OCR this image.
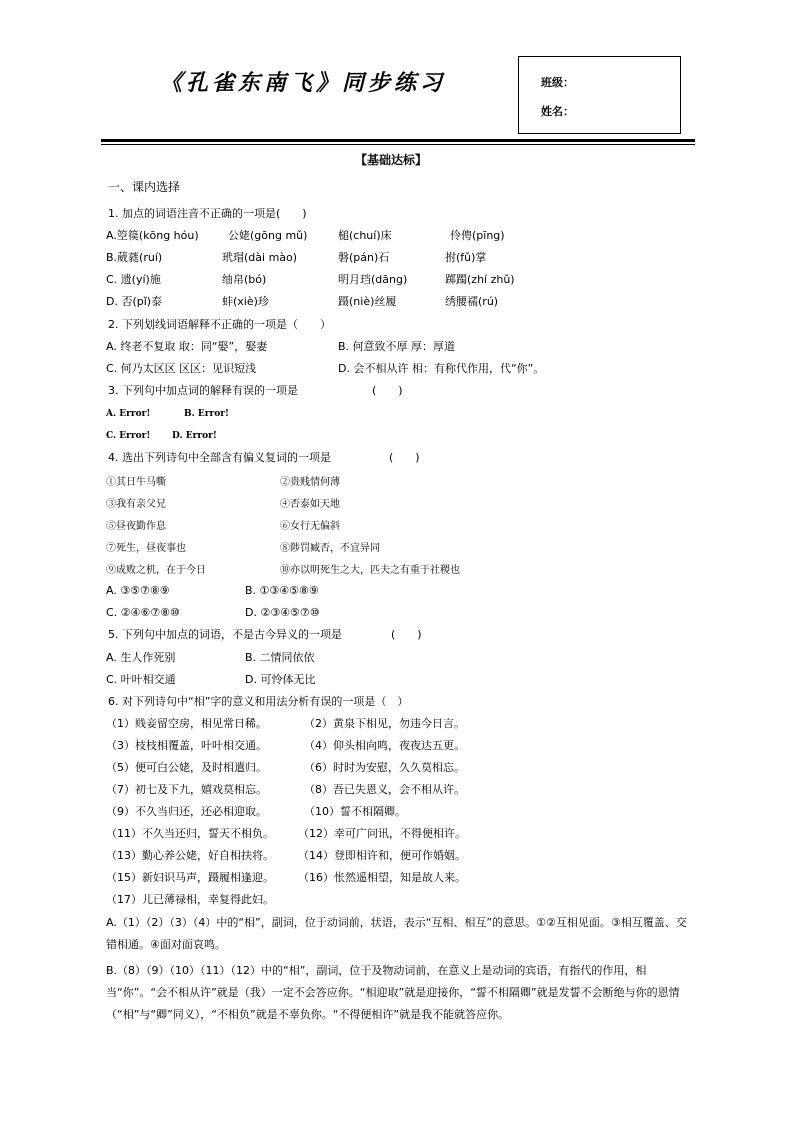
《孔雀东南飞》同步练习	班级：
姓名：
【基础达标】
一、课内选择
1. 加点的词语注音不正确的一项是(　　)
A.箜篌(kōng hóu)	公姥(gōng mǔ)	槌(chuí)床	伶俜(pīng)
B.葳蕤(ruí)	玳瑁(dài mào)	磐(pán)石	拊(fǔ)掌
C. 遗(yí)施	䌷帛(bó)	明月珰(dāng)	踯躅(zhí zhǔ)
D. 否(pǐ)泰	蚌(xiè)珍	蹑(niè)丝履	绣腰襦(rú)
2. 下列划线词语解释不正确的一项是（　　）
A. 终老不复取 取：同“娶”，娶妻	B. 何意致不厚 厚：厚道
C. 何乃太区区 区区：见识短浅	D. 会不相从许 相：有称代作用，代“你”。
3. 下列句中加点词的解释有误的一项是	(　　)
A. Error!	B. Error!
C. Error! D. Error!
4. 选出下列诗句中全部含有偏义复词的一项是	(　　)
①其日牛马嘶	②贵贱情何薄
③我有亲父兄	④否泰如天地
⑤昼夜勤作息	⑥女行无偏斜
⑦死生，昼夜事也	⑧陟罚臧否，不宜异同
⑨成败之机，在于今日	⑩亦以明死生之大，匹夫之有重于社稷也
A. ③⑤⑦⑧⑨	B. ①③④⑤⑧⑨
C. ②④⑥⑦⑧⑩	D. ②③④⑤⑦⑩
5. 下列句中加点的词语，不是古今异义的一项是	(　　)
A. 生人作死别	B. 二情同依依
C. 叶叶相交通	D. 可怜体无比
6. 对下列诗句中“相”字的意义和用法分析有误的一项是（　）
（1）贱妾留空房，相见常日稀。	（2）黄泉下相见，勿违今日言。
（3）枝枝相覆盖，叶叶相交通。	（4）仰头相向鸣，夜夜达五更。
（5）便可白公姥，及时相遣归。	（6）时时为安慰，久久莫相忘。
（7）初七及下九，嬉戏莫相忘。	（8）吾已失恩义，会不相从许。
（9）不久当归还，还必相迎取。	（10）誓不相隔卿。
（11）不久当还归，誓天不相负。 （12）幸可广问讯，不得便相许。
（13）勤心养公姥，好自相扶将。 （14）登即相许和，便可作婚姻。
（15）新妇识马声，蹑履相逢迎。 （16）怅然遥相望，知是故人来。
（17）儿已薄禄相，幸复得此妇。
A.（1）（2）（3）（4）中的“相”，副词，位于动词前，状语，表示“互相、相互”的意思。①②互相见面。③相互覆盖、交错相通。④面对面哀鸣。
B.（8）（9）（10）（11）（12）中的“相”，副词，位于及物动词前，在意义上是动词的宾语，有指代的作用，相当“你”。“会不相从许”就是（我）一定不会答应你。“相迎取”就是迎接你，“誓不相隔卿”就是发誓不会断绝与你的恩情（“相”与“卿”同义），“不相负”就是不辜负你。“不得便相许”就是我不能就答应你。
